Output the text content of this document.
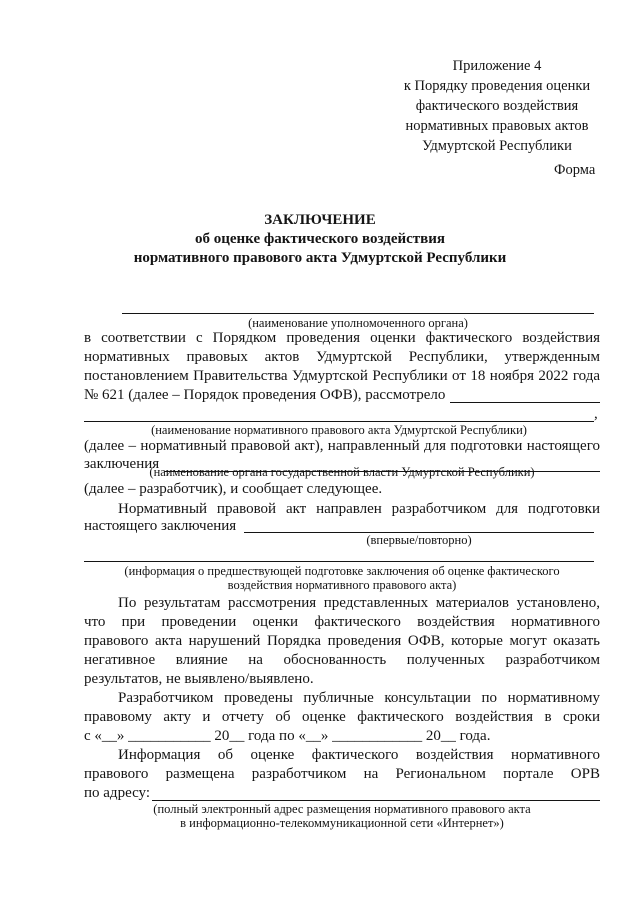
Приложение 4
к Порядку проведения оценки
фактического воздействия
нормативных правовых актов
Удмуртской Республики
Форма
ЗАКЛЮЧЕНИЕ
об оценке фактического воздействия
нормативного правового акта Удмуртской Республики
(наименование уполномоченного органа)
в соответствии с Порядком проведения оценки фактического воздействия
нормативных правовых актов Удмуртской Республики, утвержденным
постановлением Правительства Удмуртской Республики от 18 ноября 2022 года
№ 621 (далее – Порядок проведения ОФВ), рассмотрело
,
(наименование нормативного правового акта Удмуртской Республики)
(далее – нормативный правовой акт), направленный для подготовки настоящего
заключения
(наименование органа государственной власти Удмуртской Республики)
(далее – разработчик), и сообщает следующее.
Нормативный правовой акт направлен разработчиком для подготовки
настоящего заключения
(впервые/повторно)
(информация о предшествующей подготовке заключения об оценке фактического
воздействия нормативного правового акта)
По результатам рассмотрения представленных материалов установлено,
что при проведении оценки фактического воздействия нормативного
правового акта нарушений Порядка проведения ОФВ, которые могут оказать
негативное влияние на обоснованность полученных разработчиком
результатов, не выявлено/выявлено.
Разработчиком проведены публичные консультации по нормативному
правовому акту и отчету об оценке фактического воздействия в сроки
с «__» ___________ 20__ года по «__» ____________ 20__ года.
Информация об оценке фактического воздействия нормативного
правового размещена разработчиком на Региональном портале ОРВ
по адресу:
(полный электронный адрес размещения нормативного правового акта
в информационно-телекоммуникационной сети «Интернет»)
